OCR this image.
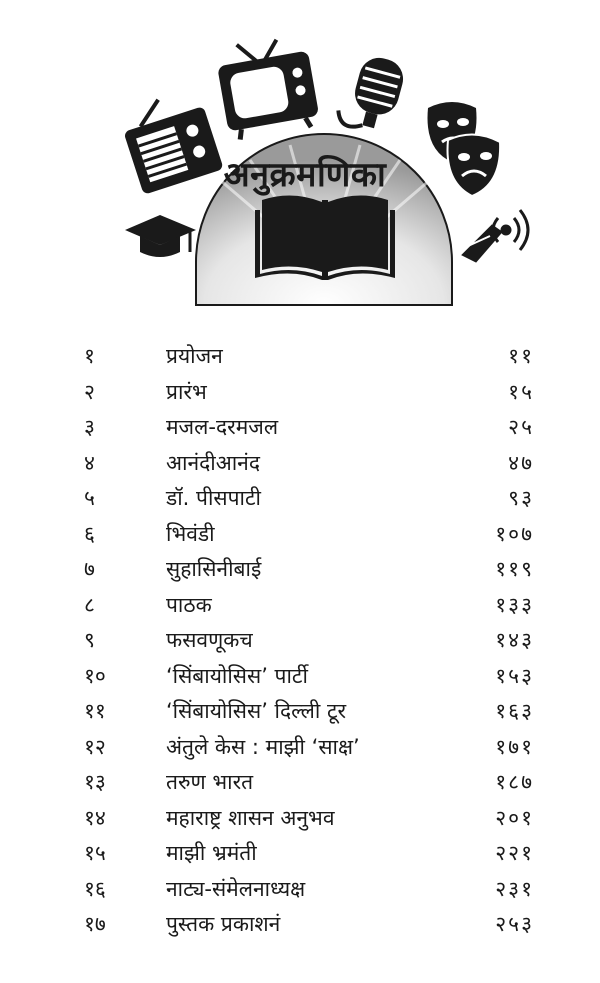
अनुक्रमणिका
१	प्रयोजन	११
२	प्रारंभ	१५
३	मजल-दरमजल	२५
४	आनंदीआनंद	४७
५	डॉ. पीसपाटी	९३
६	भिवंडी	१०७
७	सुहासिनीबाई	११९
८	पाठक	१३३
९	फसवणूकच	१४३
१०	‘सिंबायोसिस’ पार्टी	१५३
११	‘सिंबायोसिस’ दिल्ली टूर	१६३
१२	अंतुले केस : माझी ‘साक्ष’	१७१
१३	तरुण भारत	१८७
१४	महाराष्ट्र शासन अनुभव	२०१
१५	माझी भ्रमंती	२२१
१६	नाट्य-संमेलनाध्यक्ष	२३१
१७	पुस्तक प्रकाशनं	२५३
